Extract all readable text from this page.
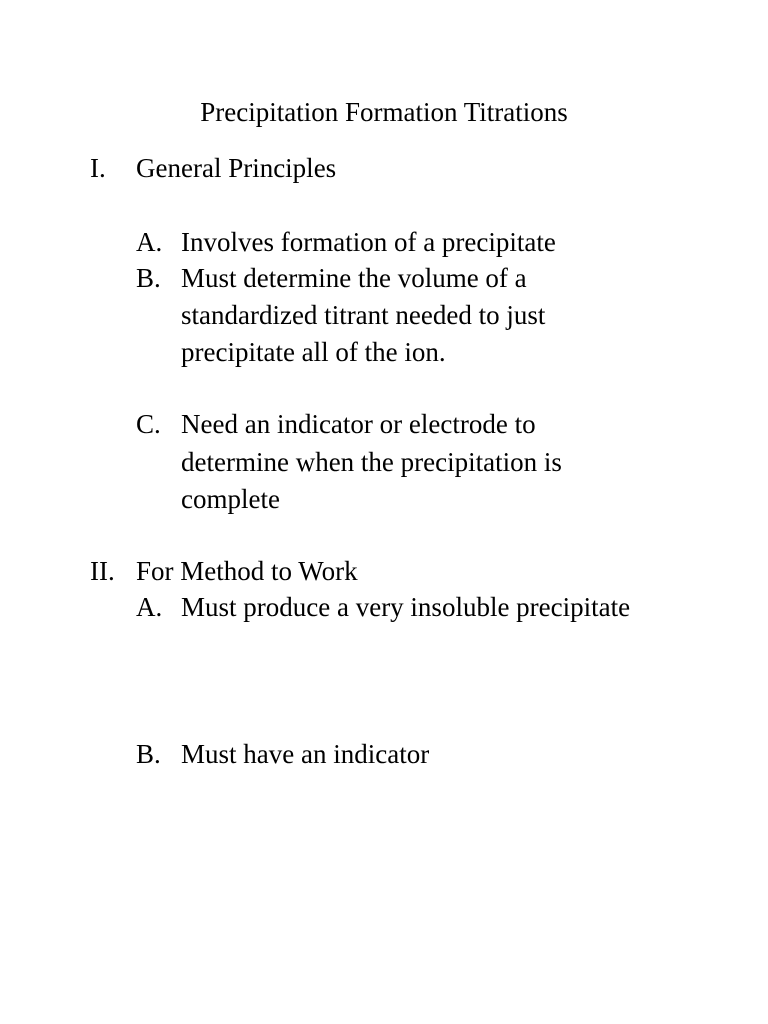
Precipitation Formation Titrations
I. General Principles
A. Involves formation of a precipitate
B. Must determine the volume of a
standardized titrant needed to just
precipitate all of the ion.
C. Need an indicator or electrode to
determine when the precipitation is
complete
II. For Method to Work
A. Must produce a very insoluble precipitate
B. Must have an indicator
